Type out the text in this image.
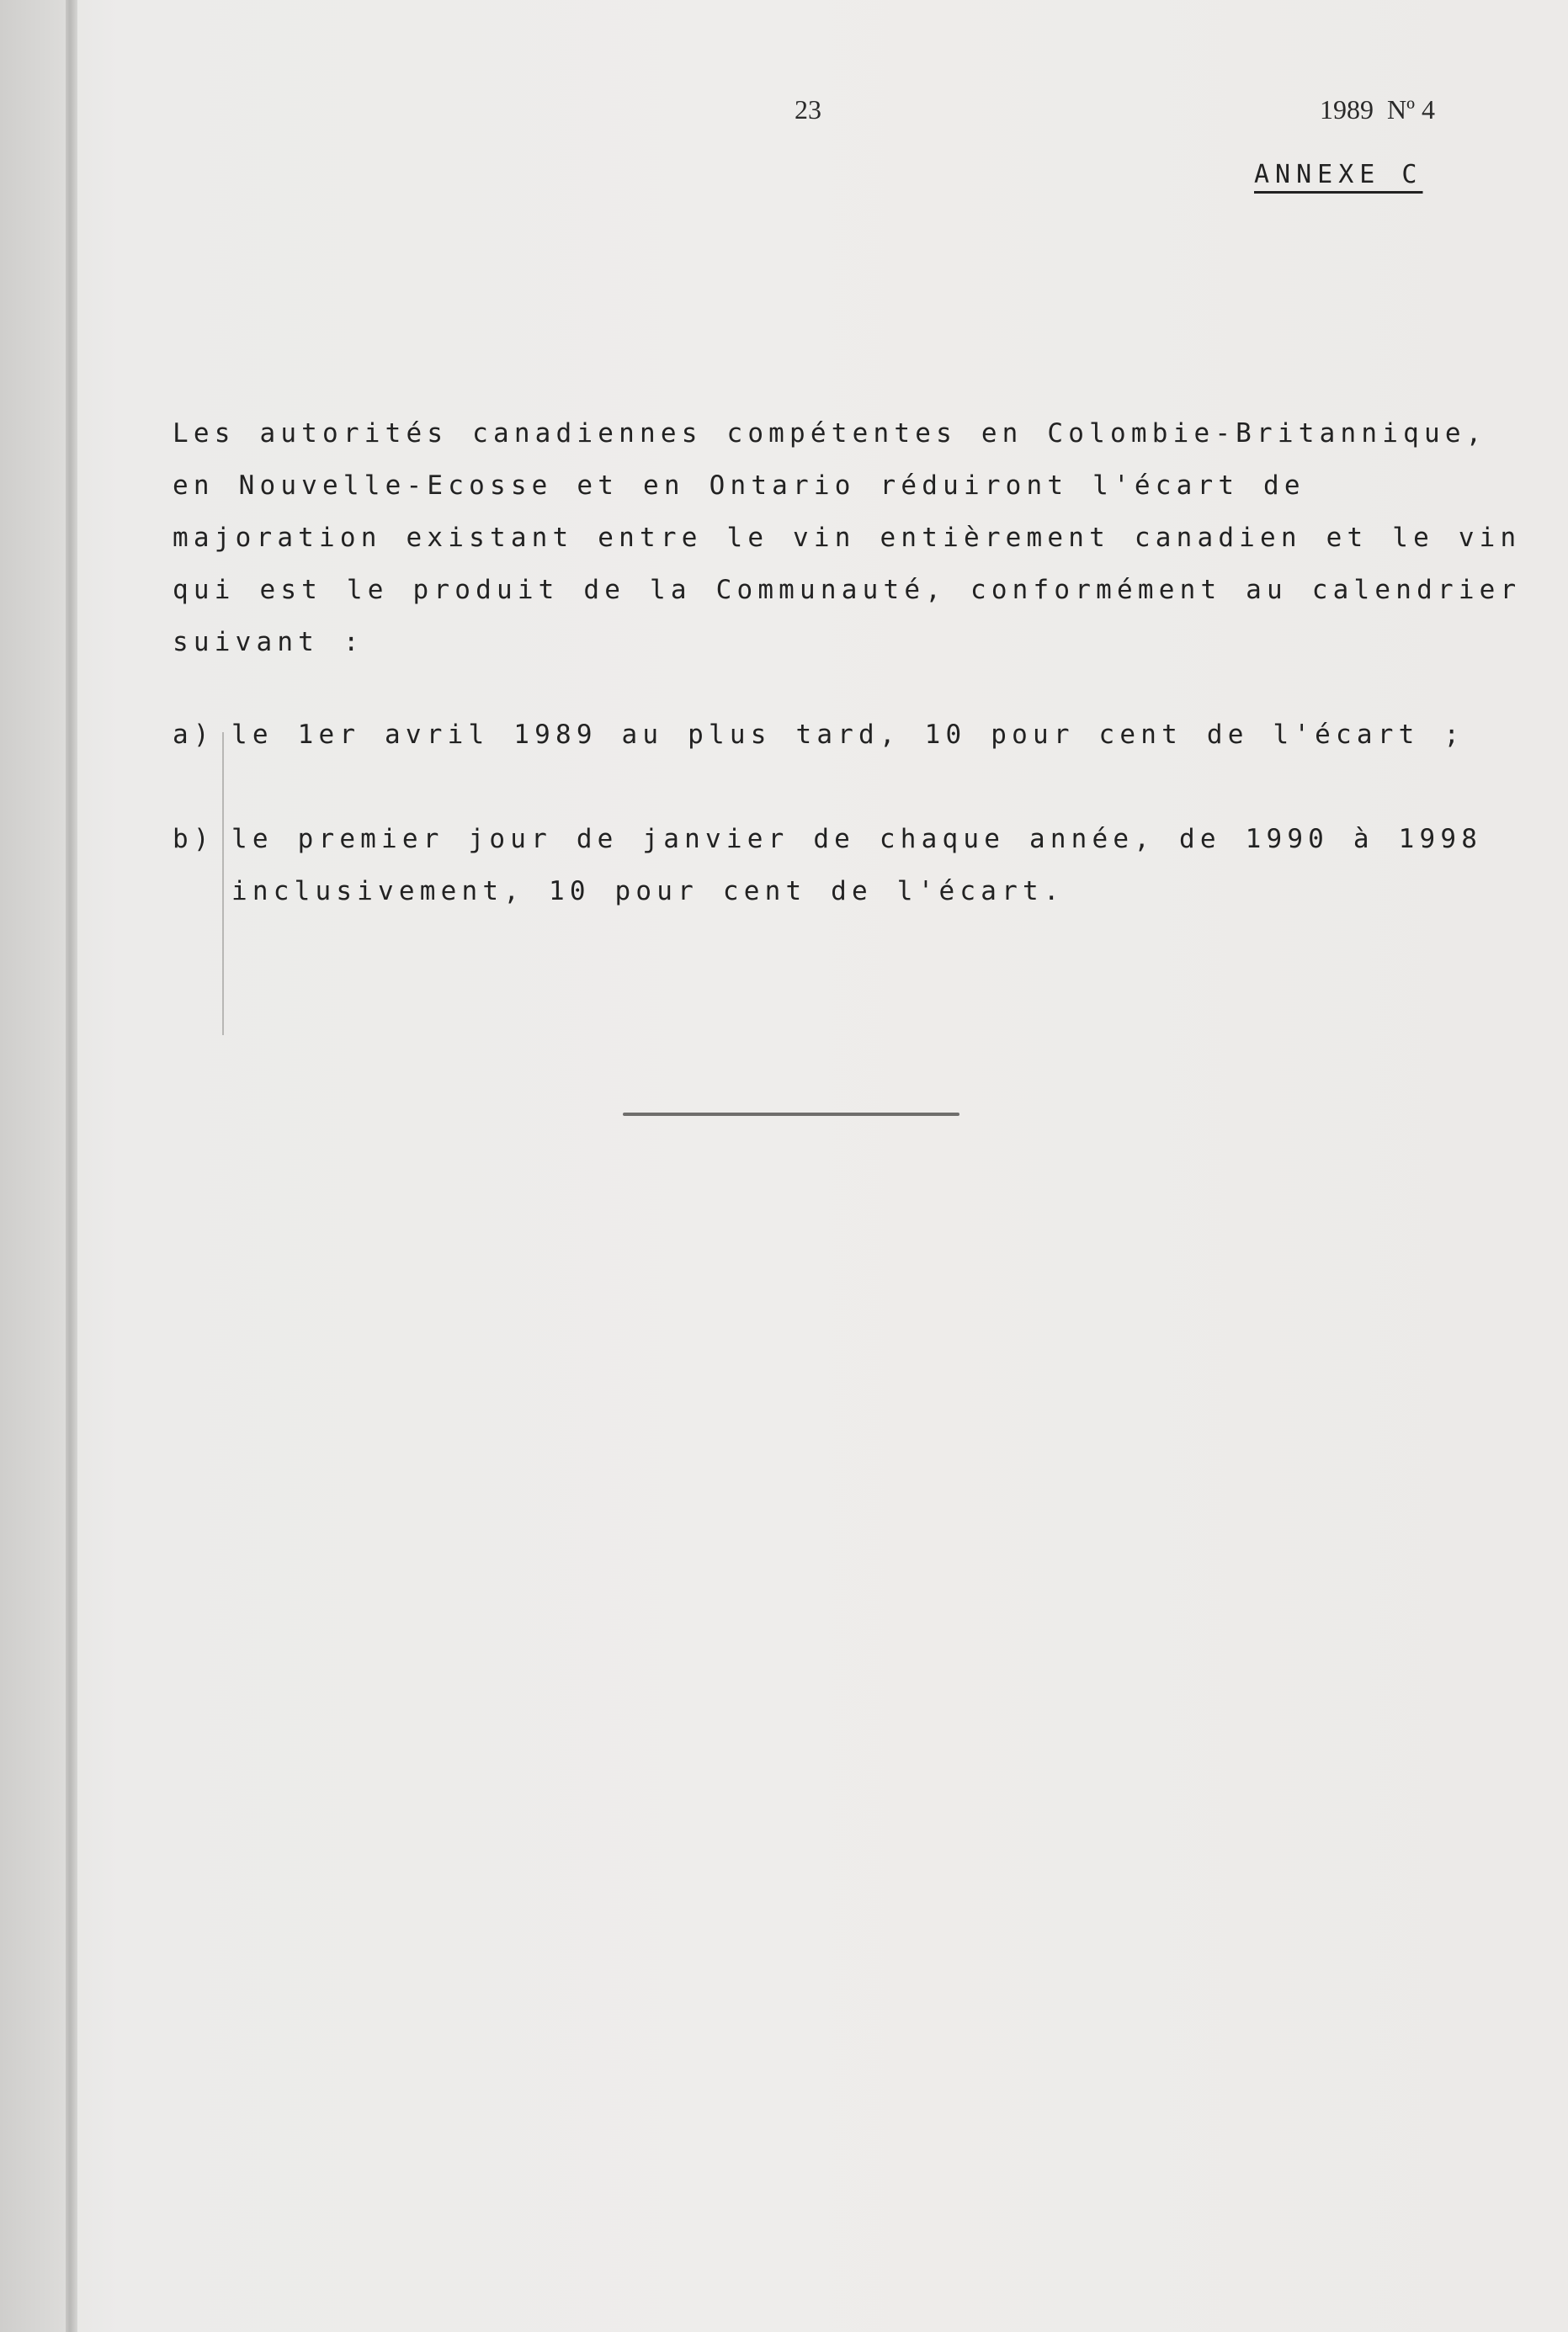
23	1989  Nº 4
ANNEXE C
Les autorités canadiennes compétentes en Colombie-Britannique,
en Nouvelle-Ecosse et en Ontario réduiront l'écart de
majoration existant entre le vin entièrement canadien et le vin
qui est le produit de la Communauté, conformément au calendrier
suivant :
a) le 1er avril 1989 au plus tard, 10 pour cent de l'écart ;
b) le premier jour de janvier de chaque année, de 1990 à 1998
inclusivement, 10 pour cent de l'écart.
